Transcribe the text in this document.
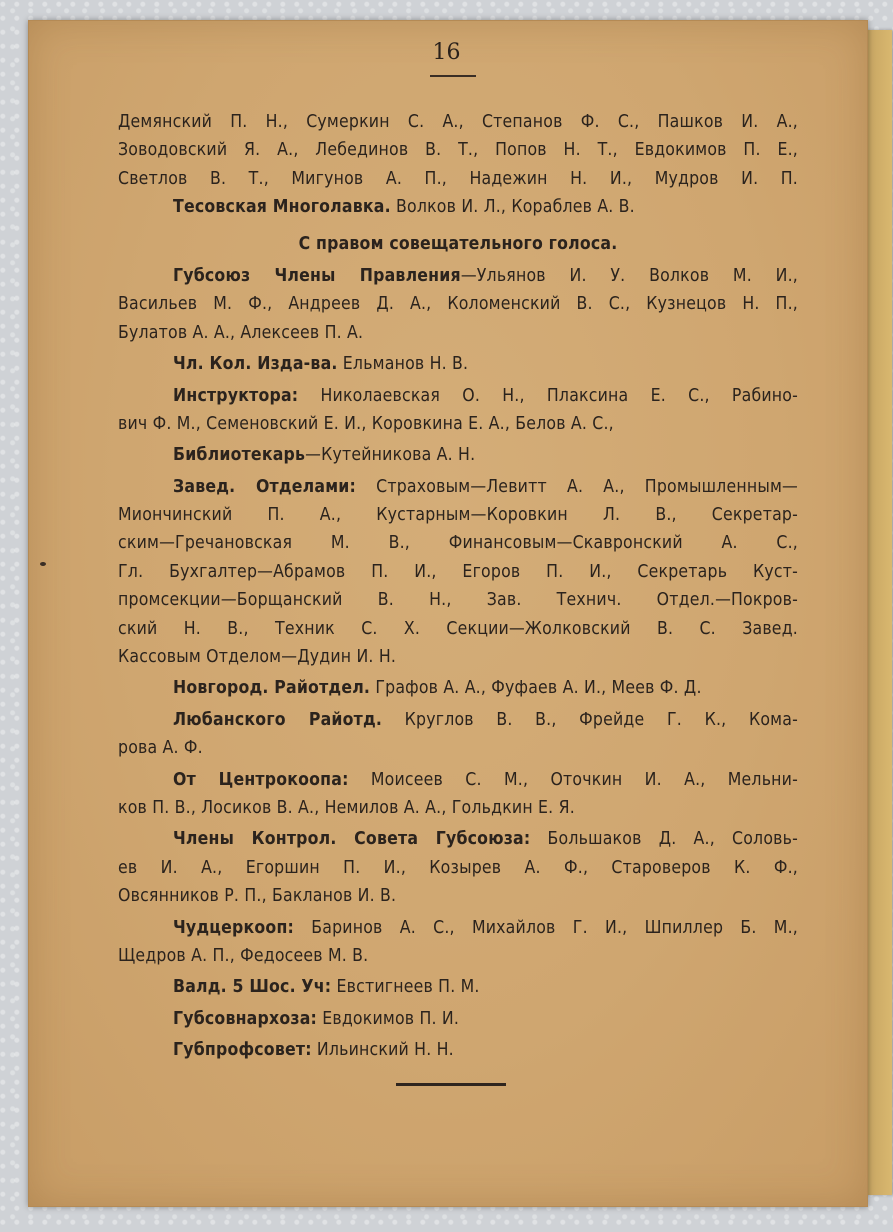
16
Демянский П. Н., Сумеркин С. А., Степанов Ф. С., Пашков И. А.,
Зоводовский Я. А., Лебединов В. Т., Попов Н. Т., Евдокимов П. Е.,
Светлов В. Т., Мигунов А. П., Надежин Н. И., Мудров И. П.
Тесовская Многолавка. Волков И. Л., Кораблев А. В.
С правом совещательного голоса.
Губсоюз Члены Правления—Ульянов И. У. Волков М. И.,
Васильев М. Ф., Андреев Д. А., Коломенский В. С., Кузнецов Н. П.,
Булатов А. А., Алексеев П. А.
Чл. Кол. Изда-ва. Ельманов Н. В.
Инструктора: Николаевская О. Н., Плаксина Е. С., Рабино-
вич Ф. М., Семеновский Е. И., Коровкина Е. А., Белов А. С.,
Библиотекарь—Кутейникова А. Н.
Завед. Отделами: Страховым—Левитт А. А., Промышленным—
Миончинский П. А., Кустарным—Коровкин Л. В., Секретар-
ским—Гречановская М. В., Финансовым—Скавронский А. С.,
Гл. Бухгалтер—Абрамов П. И., Егоров П. И., Секретарь Куст-
промсекции—Борщанский В. Н., Зав. Технич. Отдел.—Покров-
ский Н. В., Техник С. Х. Секции—Жолковский В. С. Завед.
Кассовым Отделом—Дудин И. Н.
Новгород. Райотдел. Графов А. А., Фуфаев А. И., Меев Ф. Д.
Любанского Райотд. Круглов В. В., Фрейде Г. К., Кома-
рова А. Ф.
От Центрокоопа: Моисеев С. М., Оточкин И. А., Мельни-
ков П. В., Лосиков В. А., Немилов А. А., Гольдкин Е. Я.
Члены Контрол. Совета Губсоюза: Большаков Д. А., Соловь-
ев И. А., Егоршин П. И., Козырев А. Ф., Староверов К. Ф.,
Овсянников Р. П., Бакланов И. В.
Чудцеркооп: Баринов А. С., Михайлов Г. И., Шпиллер Б. М.,
Щедров А. П., Федосеев М. В.
Валд. 5 Шос. Уч: Евстигнеев П. М.
Губсовнархоза: Евдокимов П. И.
Губпрофсовет: Ильинский Н. Н.
